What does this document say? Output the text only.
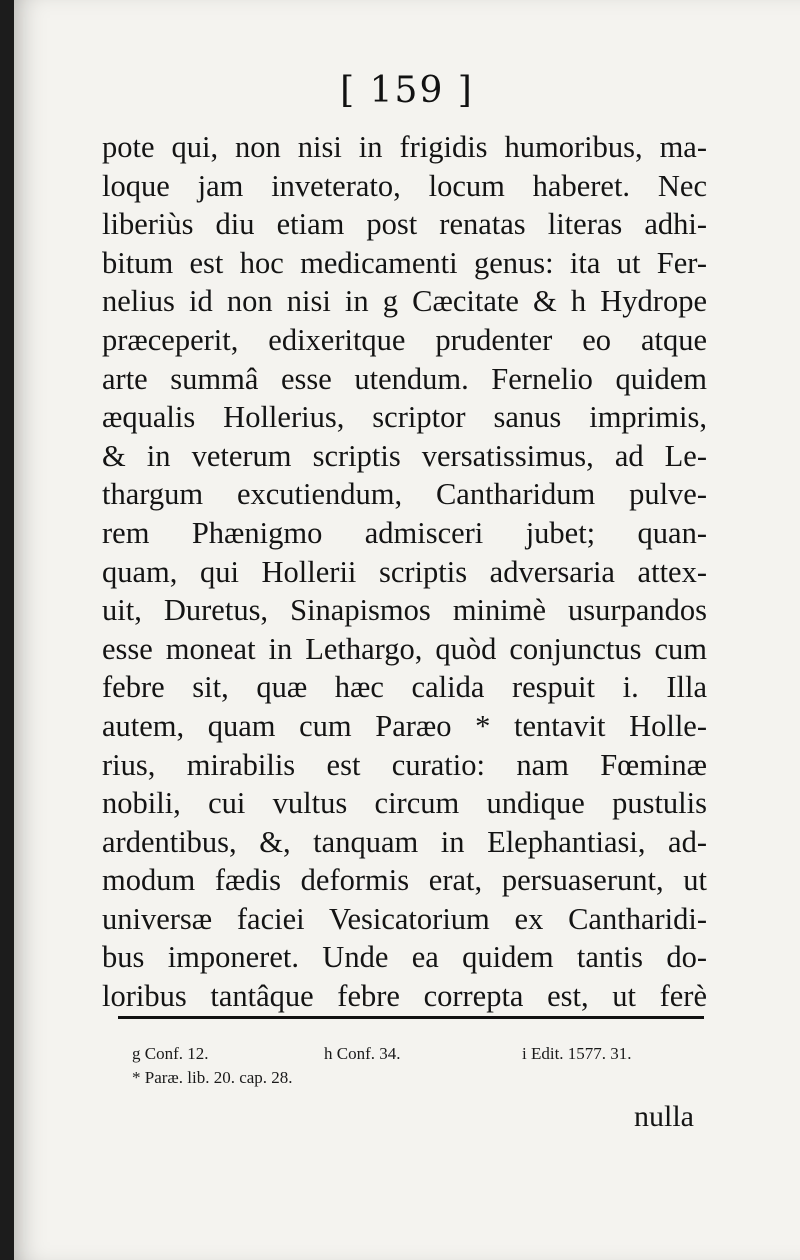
[ 159 ]
pote qui, non nisi in frigidis humoribus, ma-
loque jam inveterato, locum haberet. Nec
liberiùs diu etiam post renatas literas adhi-
bitum est hoc medicamenti genus: ita ut Fer-
nelius id non nisi in g Cæcitate & h Hydrope
præceperit, edixeritque prudenter eo atque
arte summâ esse utendum. Fernelio quidem
æqualis Hollerius, scriptor sanus imprimis,
& in veterum scriptis versatissimus, ad Le-
thargum excutiendum, Cantharidum pulve-
rem Phænigmo admisceri jubet; quan-
quam, qui Hollerii scriptis adversaria attex-
uit, Duretus, Sinapismos minimè usurpandos
esse moneat in Lethargo, quòd conjunctus cum
febre sit, quæ hæc calida respuit i. Illa
autem, quam cum Paræo * tentavit Holle-
rius, mirabilis est curatio: nam Fœminæ
nobili, cui vultus circum undique pustulis
ardentibus, &, tanquam in Elephantiasi, ad-
modum fædis deformis erat, persuaserunt, ut
universæ faciei Vesicatorium ex Cantharidi-
bus imponeret. Unde ea quidem tantis do-
loribus tantâque febre correpta est, ut ferè
g Conf. 12.	h Conf. 34.	i Edit. 1577. 31.
* Paræ. lib. 20. cap. 28.
nulla
